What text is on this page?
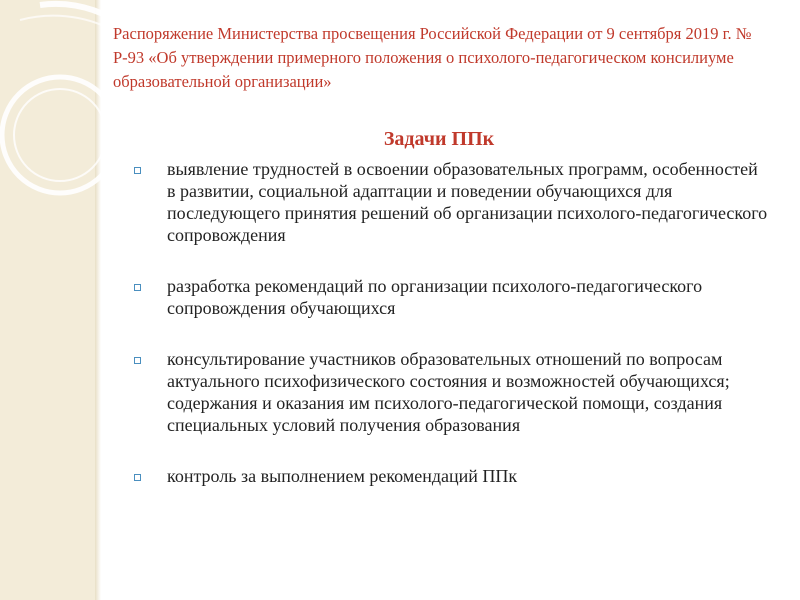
Распоряжение Министерства просвещения Российской Федерации от 9 сентября 2019 г. № Р-93 «Об утверждении примерного положения о психолого-педагогическом консилиуме образовательной организации»
Задачи ППк
выявление трудностей в освоении образовательных программ, особенностей в развитии, социальной адаптации и поведении обучающихся для последующего принятия решений об организации психолого-педагогического сопровождения
разработка рекомендаций по организации психолого-педагогического сопровождения обучающихся
консультирование участников образовательных отношений по вопросам актуального психофизического состояния и возможностей обучающихся; содержания и оказания им психолого-педагогической помощи, создания специальных условий получения образования
контроль за выполнением рекомендаций ППк
